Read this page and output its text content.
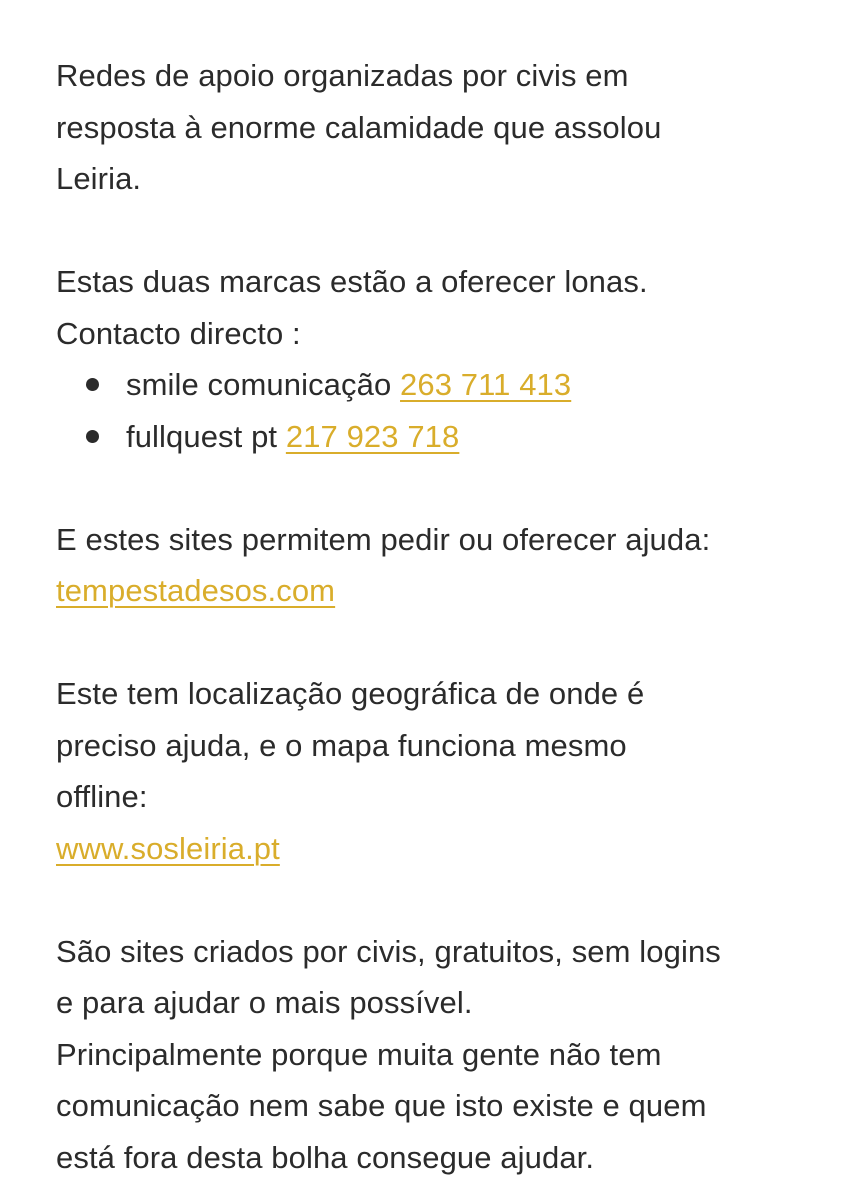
Redes de apoio organizadas por civis em
resposta à enorme calamidade que assolou
Leiria.

Estas duas marcas estão a oferecer lonas.
Contacto directo :

smile comunicação 263 711 413
fullquest pt 217 923 718

E estes sites permitem pedir ou oferecer ajuda:
tempestadesos.com

Este tem localização geográfica de onde é
preciso ajuda, e o mapa funciona mesmo
offline:
www.sosleiria.pt

São sites criados por civis, gratuitos, sem logins
e para ajudar o mais possível.
Principalmente porque muita gente não tem
comunicação nem sabe que isto existe e quem
está fora desta bolha consegue ajudar.
